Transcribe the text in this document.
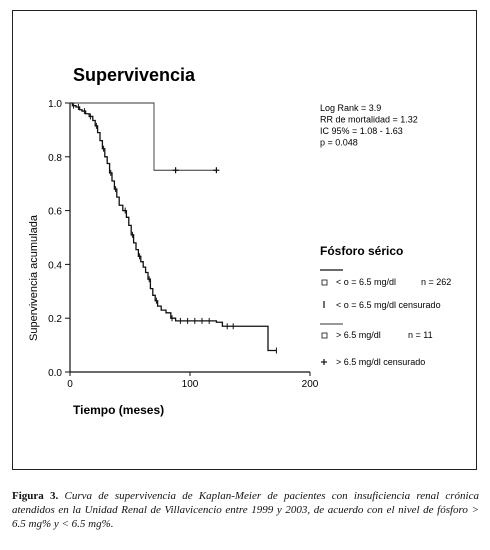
Supervivencia
0.0
0.2
0.4
0.6
0.8
1.0
0	100	200
Tiempo (meses)
Supervivencia acumulada
Log Rank = 3.9
RR de mortalidad = 1.32
IC 95% = 1.08 - 1.63
p = 0.048
Fósforo sérico
< o = 6.5 mg/dl	n = 262
< o = 6.5 mg/dl censurado
> 6.5 mg/dl	n = 11
> 6.5 mg/dl censurado
Figura 3. Curva de supervivencia de Kaplan-Meier de pacientes con insuficiencia renal crónica atendidos en la Unidad Renal de Villavicencio entre 1999 y 2003, de acuerdo con el nivel de fósforo > 6.5 mg% y < 6.5 mg%.
